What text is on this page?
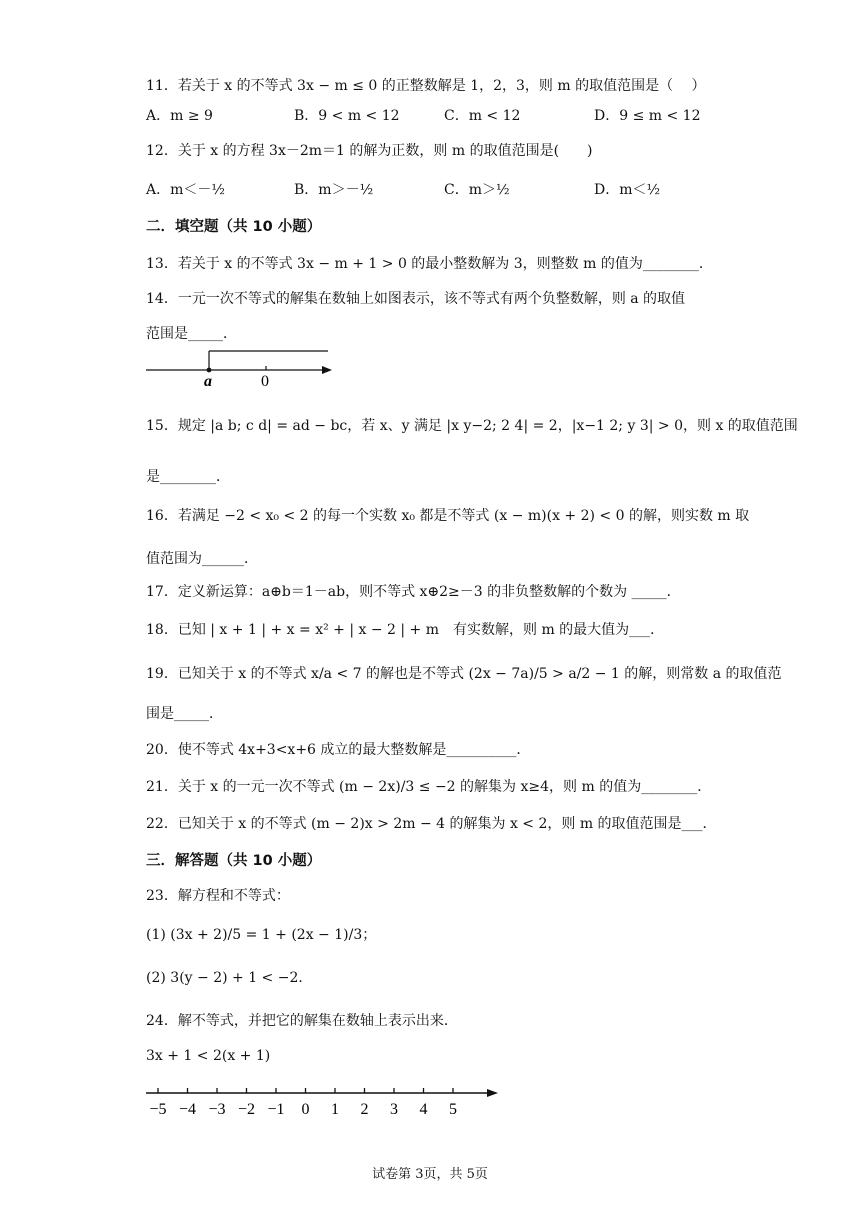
11．若关于 x 的不等式 3x − m ≤ 0 的正整数解是 1，2，3，则 m 的取值范围是（　 ）
A．m ≥ 9	B．9 < m < 12	C．m < 12	D．9 ≤ m < 12
12．关于 x 的方程 3x－2m＝1 的解为正数，则 m 的取值范围是(　　)
A．m＜－½	B．m＞－½	C．m＞½	D．m＜½
二．填空题（共 10 小题）
13．若关于 x 的不等式 3x − m + 1 > 0 的最小整数解为 3，则整数 m 的值为________．
14．一元一次不等式的解集在数轴上如图表示，该不等式有两个负整数解，则 a 的取值
范围是_____．
a	0
15．规定 |a b; c d| = ad − bc，若 x、y 满足 |x y−2; 2 4| = 2，|x−1 2; y 3| > 0，则 x 的取值范围
是________．
16．若满足 −2 < x₀ < 2 的每一个实数 x₀ 都是不等式 (x − m)(x + 2) < 0 的解，则实数 m 取
值范围为______．
17．定义新运算：a⊕b＝1－ab，则不等式 x⊕2≥－3 的非负整数解的个数为 _____．
18．已知 | x + 1 | + x = x² + | x − 2 | + m　有实数解，则 m 的最大值为___．
19．已知关于 x 的不等式 x/a < 7 的解也是不等式 (2x − 7a)/5 > a/2 − 1 的解，则常数 a 的取值范
围是_____．
20．使不等式 4x+3<x+6 成立的最大整数解是__________．
21．关于 x 的一元一次不等式 (m − 2x)/3 ≤ −2 的解集为 x≥4，则 m 的值为________．
22．已知关于 x 的不等式 (m − 2)x > 2m − 4 的解集为 x < 2，则 m 的取值范围是___．
三．解答题（共 10 小题）
23．解方程和不等式：
(1) (3x + 2)/5 = 1 + (2x − 1)/3；
(2) 3(y − 2) + 1 < −2．
24．解不等式，并把它的解集在数轴上表示出来．
3x + 1 < 2(x + 1)
−5 −4 −3 −2 −1 0 1 2 3 4 5
试卷第 3页，共 5页
